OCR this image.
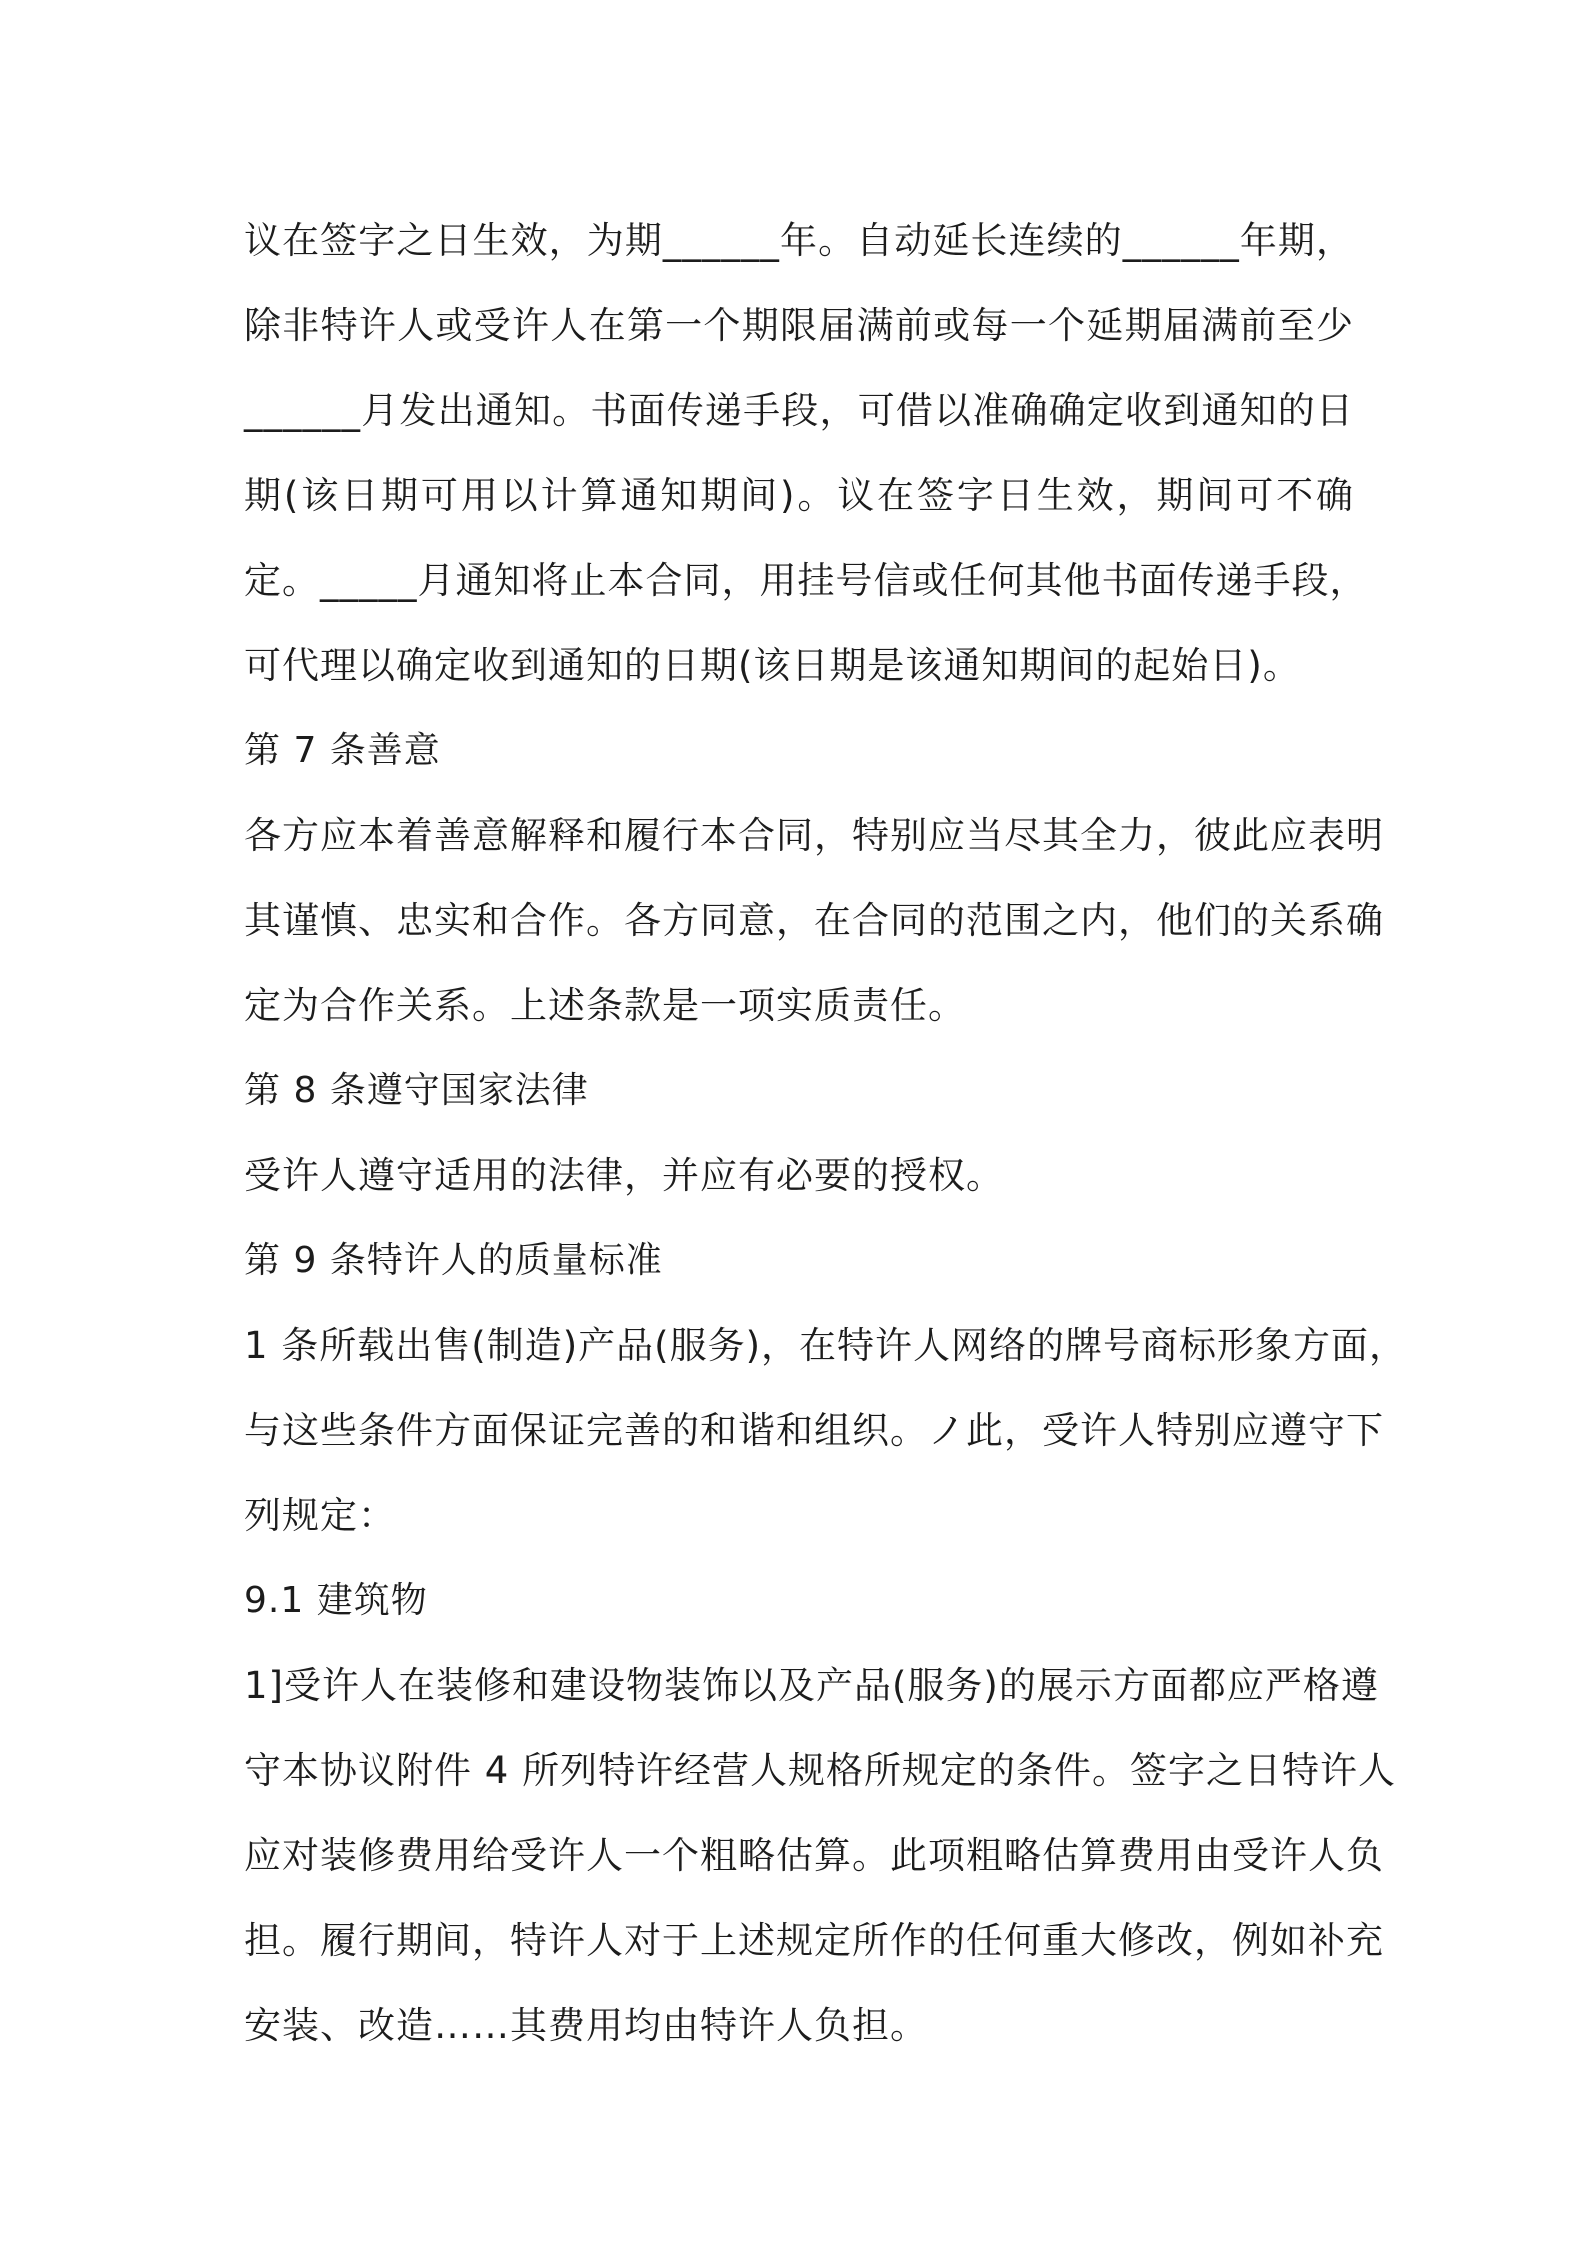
议在签字之日生效，为期______年。自动延长连续的______年期，
除非特许人或受许人在第一个期限届满前或每一个延期届满前至少
______月发出通知。书面传递手段，可借以准确确定收到通知的日
期(该日期可用以计算通知期间)。议在签字日生效，期间可不确
定。_____月通知将止本合同，用挂号信或任何其他书面传递手段，
可代理以确定收到通知的日期(该日期是该通知期间的起始日)。
第 7 条善意
各方应本着善意解释和履行本合同，特别应当尽其全力，彼此应表明
其谨慎、忠实和合作。各方同意，在合同的范围之内，他们的关系确
定为合作关系。上述条款是一项实质责任。
第 8 条遵守国家法律
受许人遵守适用的法律，并应有必要的授权。
第 9 条特许人的质量标准
1 条所载出售(制造)产品(服务)，在特许人网络的牌号商标形象方面，
与这些条件方面保证完善的和谐和组织。ノ此，受许人特别应遵守下
列规定：
9.1 建筑物
1]受许人在装修和建设物装饰以及产品(服务)的展示方面都应严格遵
守本协议附件 4 所列特许经营人规格所规定的条件。签字之日特许人
应对装修费用给受许人一个粗略估算。此项粗略估算费用由受许人负
担。履行期间，特许人对于上述规定所作的任何重大修改，例如补充
安装、改造……其费用均由特许人负担。
